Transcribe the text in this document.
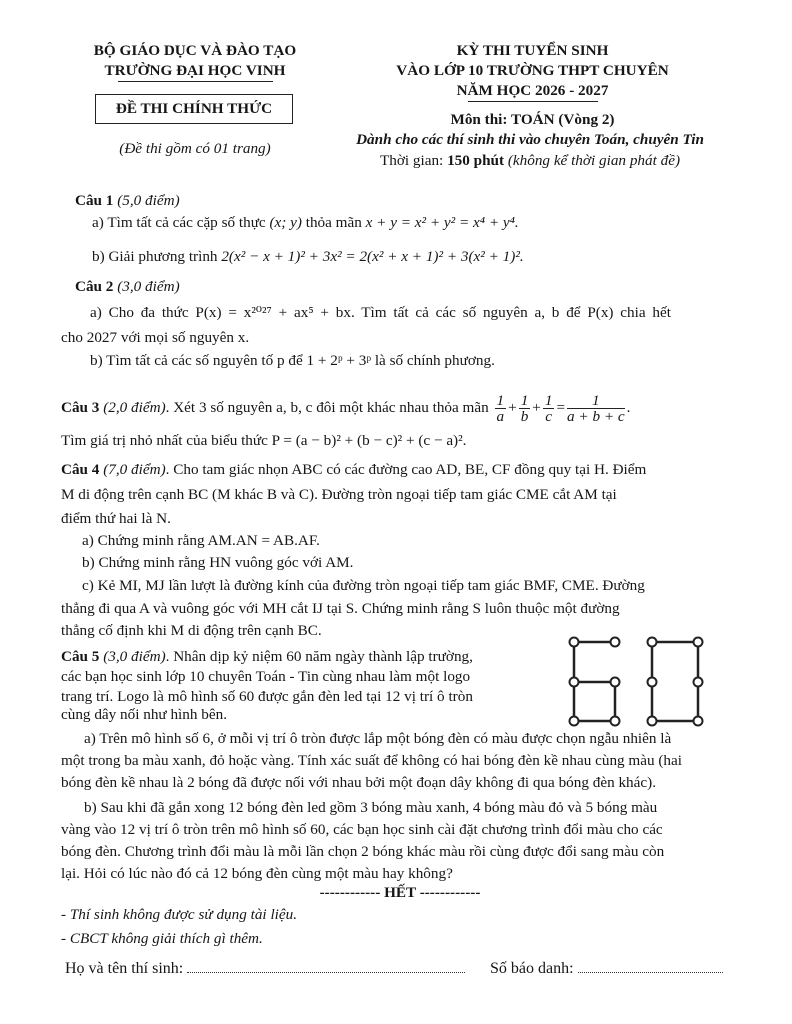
BỘ GIÁO DỤC VÀ ĐÀO TẠO
TRƯỜNG ĐẠI HỌC VINH
ĐỀ THI CHÍNH THỨC
(Đề thi gồm có 01 trang)
KỲ THI TUYỂN SINH
VÀO LỚP 10 TRƯỜNG THPT CHUYÊN
NĂM HỌC 2026 - 2027
Môn thi: TOÁN (Vòng 2)
Dành cho các thí sinh thi vào chuyên Toán, chuyên Tin
Thời gian: 150 phút (không kể thời gian phát đề)
Câu 1 (5,0 điểm)
a) Tìm tất cả các cặp số thực (x; y) thỏa mãn x + y = x² + y² = x⁴ + y⁴.
b) Giải phương trình 2(x² − x + 1)² + 3x² = 2(x² + x + 1)² + 3(x² + 1)².
Câu 2 (3,0 điểm)
a) Cho đa thức P(x) = x²⁰²⁷ + ax⁵ + bx. Tìm tất cả các số nguyên a, b để P(x) chia hết
cho 2027 với mọi số nguyên x.
b) Tìm tất cả các số nguyên tố p để 1 + 2ᵖ + 3ᵖ là số chính phương.
Câu 3 (2,0 điểm). Xét 3 số nguyên a, b, c đôi một khác nhau thỏa mãn $\frac{1}{a} + \frac{1}{b} + \frac{1}{c} = \frac{1}{a + b + c}$ .
Tìm giá trị nhỏ nhất của biểu thức P = (a − b)² + (b − c)² + (c − a)².
Câu 4 (7,0 điểm). Cho tam giác nhọn ABC có các đường cao AD, BE, CF đồng quy tại H. Điểm
M di động trên cạnh BC (M khác B và C). Đường tròn ngoại tiếp tam giác CME cắt AM tại
điểm thứ hai là N.
a) Chứng minh rằng AM.AN = AB.AF.
b) Chứng minh rằng HN vuông góc với AM.
c) Kẻ MI, MJ lần lượt là đường kính của đường tròn ngoại tiếp tam giác BMF, CME. Đường
thẳng đi qua A và vuông góc với MH cắt IJ tại S. Chứng minh rằng S luôn thuộc một đường
thẳng cố định khi M di động trên cạnh BC.
Câu 5 (3,0 điểm). Nhân dịp kỷ niệm 60 năm ngày thành lập trường,
các bạn học sinh lớp 10 chuyên Toán - Tin cùng nhau làm một logo
trang trí. Logo là mô hình số 60 được gắn đèn led tại 12 vị trí ô tròn
cùng dây nối như hình bên.
a) Trên mô hình số 6, ở mỗi vị trí ô tròn được lắp một bóng đèn có màu được chọn ngẫu nhiên là
một trong ba màu xanh, đỏ hoặc vàng. Tính xác suất để không có hai bóng đèn kề nhau cùng màu (hai
bóng đèn kề nhau là 2 bóng đã được nối với nhau bởi một đoạn dây không đi qua bóng đèn khác).
b) Sau khi đã gắn xong 12 bóng đèn led gồm 3 bóng màu xanh, 4 bóng màu đỏ và 5 bóng màu
vàng vào 12 vị trí ô tròn trên mô hình số 60, các bạn học sinh cài đặt chương trình đổi màu cho các
bóng đèn. Chương trình đổi màu là mỗi lần chọn 2 bóng khác màu rồi cùng được đổi sang màu còn
lại. Hỏi có lúc nào đó cả 12 bóng đèn cùng một màu hay không?
------------ HẾT ------------
- Thí sinh không được sử dụng tài liệu.
- CBCT không giải thích gì thêm.
Họ và tên thí sinh:	Số báo danh:
